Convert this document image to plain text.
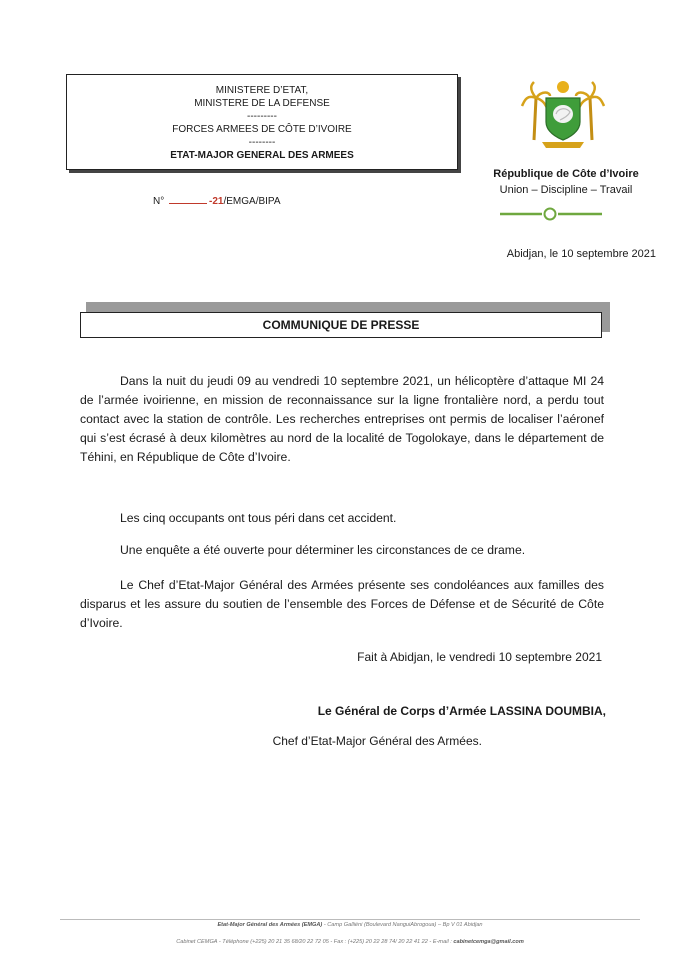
MINISTERE D’ETAT,
MINISTERE DE LA DEFENSE
---------
FORCES ARMEES DE CÔTE D’IVOIRE
--------
ETAT-MAJOR GENERAL DES ARMEES
N°	-21/EMGA/BIPA
République de Côte d’Ivoire
Union – Discipline – Travail
Abidjan, le 10 septembre 2021
COMMUNIQUE DE PRESSE
Dans la nuit du jeudi 09 au vendredi 10 septembre 2021, un hélicoptère d’attaque MI 24 de l’armée ivoirienne, en mission de reconnaissance sur la ligne frontalière nord, a perdu tout contact avec la station de contrôle. Les recherches entreprises ont permis de localiser l’aéronef qui s’est écrasé à deux kilomètres au nord de la localité de Togolokaye, dans le département de Téhini, en République de Côte d’Ivoire.
Les cinq occupants ont tous péri dans cet accident.
Une enquête a été ouverte pour déterminer les circonstances de ce drame.
Le Chef d’Etat-Major Général des Armées présente ses condoléances aux familles des disparus et les assure du soutien de l’ensemble des Forces de Défense et de Sécurité de Côte d’Ivoire.
Fait à Abidjan, le vendredi 10 septembre 2021
Le Général de Corps d’Armée LASSINA DOUMBIA,
Chef d’Etat-Major Général des Armées.
Etat-Major Général des Armées (EMGA) - Camp Galliéni (Boulevard NanguiAbrogoua) – Bp V 01 Abidjan
Cabinet CEMGA - Téléphone (+225) 20 21 35 68/20 22 72 05 - Fax : (+225) 20 22 28 74/ 20 22 41 22 - E-mail : cabinetcemga@gmail.com
